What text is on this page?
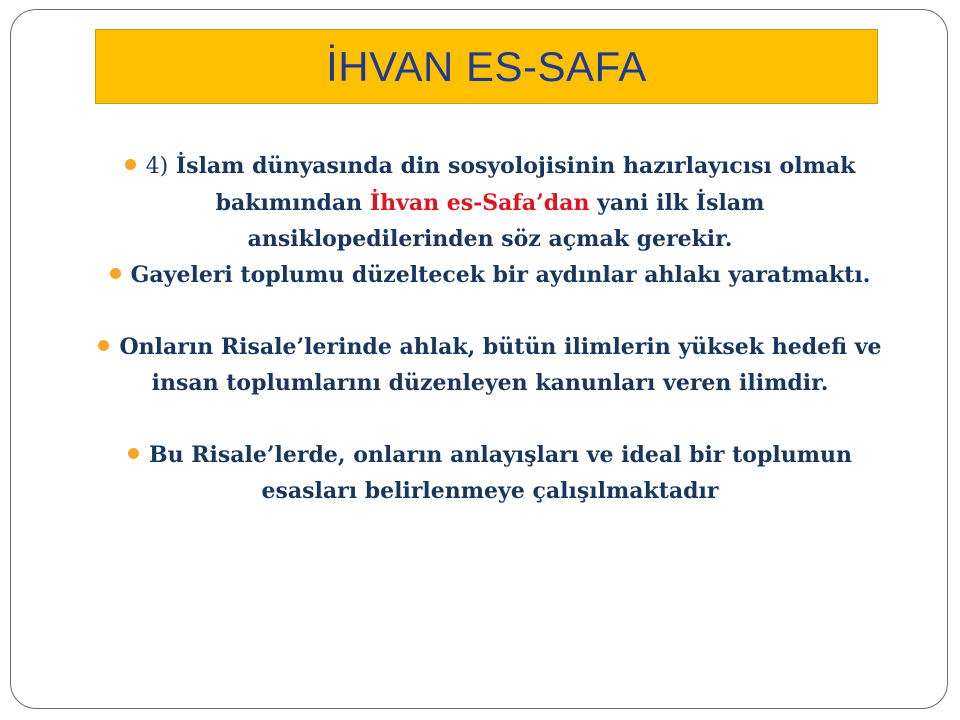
İHVAN ES-SAFA

4) İslam dünyasında din sosyolojisinin hazırlayıcısı olmak bakımından İhvan es-Safa’dan yani ilk İslam ansiklopedilerinden söz açmak gerekir.

Gayeleri toplumu düzeltecek bir aydınlar ahlakı yaratmaktı.

Onların Risale’lerinde ahlak, bütün ilimlerin yüksek hedefi ve insan toplumlarını düzenleyen kanunları veren ilimdir.

Bu Risale’lerde, onların anlayışları ve ideal bir toplumun esasları belirlenmeye çalışılmaktadır
